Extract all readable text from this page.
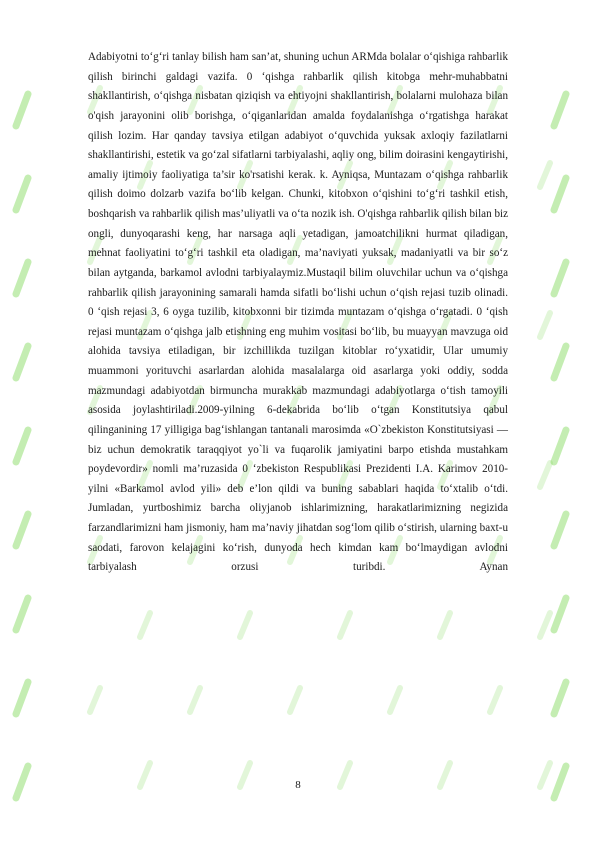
Adabiyotni to‘g‘ri tanlay bilish ham san’at, shuning uchun ARMda bolalar o‘qishiga rahbarlik qilish birinchi galdagi vazifa. 0 ‘qishga rahbarlik qilish kitobga mehr-muhabbatni shakllantirish, o‘qishga nisbatan qiziqish va ehtiyojni shakllantirish, bolalarni mulohaza bilan o'qish jarayonini olib borishga, o‘qiganlaridan amalda foydalanishga o‘rgatishga harakat qilish lozim. Har qanday tavsiya etilgan adabiyot o‘quvchida yuksak axloqiy fazilatlarni shakllantirishi, estetik va go‘zal sifatlarni tarbiyalashi, aqliy ong, bilim doirasini kengaytirishi, amaliy ijtimoiy faoliyatiga ta’sir ko'rsatishi kerak. k. Ayniqsa, Muntazam o‘qishga rahbarlik qilish doimo dolzarb vazifa bo‘lib kelgan. Chunki, kitobxon o‘qishini to‘g‘ri tashkil etish, boshqarish va rahbarlik qilish mas’uliyatli va o‘ta nozik ish. O'qishga rahbarlik qilish bilan biz ongli, dunyoqarashi keng, har narsaga aqli yetadigan, jamoatchilikni hurmat qiladigan, mehnat faoliyatini to‘g‘ri tashkil eta oladigan, ma’naviyati yuksak, madaniyatli va bir so‘z bilan aytganda, barkamol avlodni tarbiyalaymiz.Mustaqil bilim oluvchilar uchun va o‘qishga rahbarlik qilish jarayonining samarali hamda sifatli bo‘lishi uchun o‘qish rejasi tuzib olinadi. 0 ‘qish rejasi 3, 6 oyga tuzilib, kitobxonni bir tizimda muntazam o‘qishga o‘rgatadi. 0 ‘qish rejasi muntazam o‘qishga jalb etishning eng muhim vositasi bo‘lib, bu muayyan mavzuga oid alohida tavsiya etiladigan, bir izchillikda tuzilgan kitoblar ro‘yxatidir, Ular umumiy muammoni yorituvchi asarlardan alohida masalalarga oid asarlarga yoki oddiy, sodda mazmundagi adabiyotdan birmuncha murakkab mazmundagi adabiyotlarga o‘tish tamoyili asosida joylashtiriladi.2009-yilning 6-dekabrida bo‘lib o‘tgan Konstitutsiya qabul qilinganining 17 yilligiga bag‘ishlangan tantanali marosimda «O`zbekiston Konstitutsiyasi — biz uchun demokratik taraqqiyot yo`li va fuqarolik jamiyatini barpo etishda mustahkam poydevordir» nomli ma’ruzasida 0 ‘zbekiston Respublikasi Prezidenti I.A. Karimov 2010-yilni «Barkamol avlod yili» deb e’lon qildi va buning sabablari haqida to‘xtalib o‘tdi. Jumladan, yurtboshimiz barcha oliyjanob ishlarimizning, harakatlarimizning negizida farzandlarimizni ham jismoniy, ham ma’naviy jihatdan sog‘lom qilib o‘stirish, ularning baxt-u saodati, farovon kelajagini ko‘rish, dunyoda hech kimdan kam bo‘lmaydigan avlodni tarbiyalash orzusi turibdi. Aynan

8
